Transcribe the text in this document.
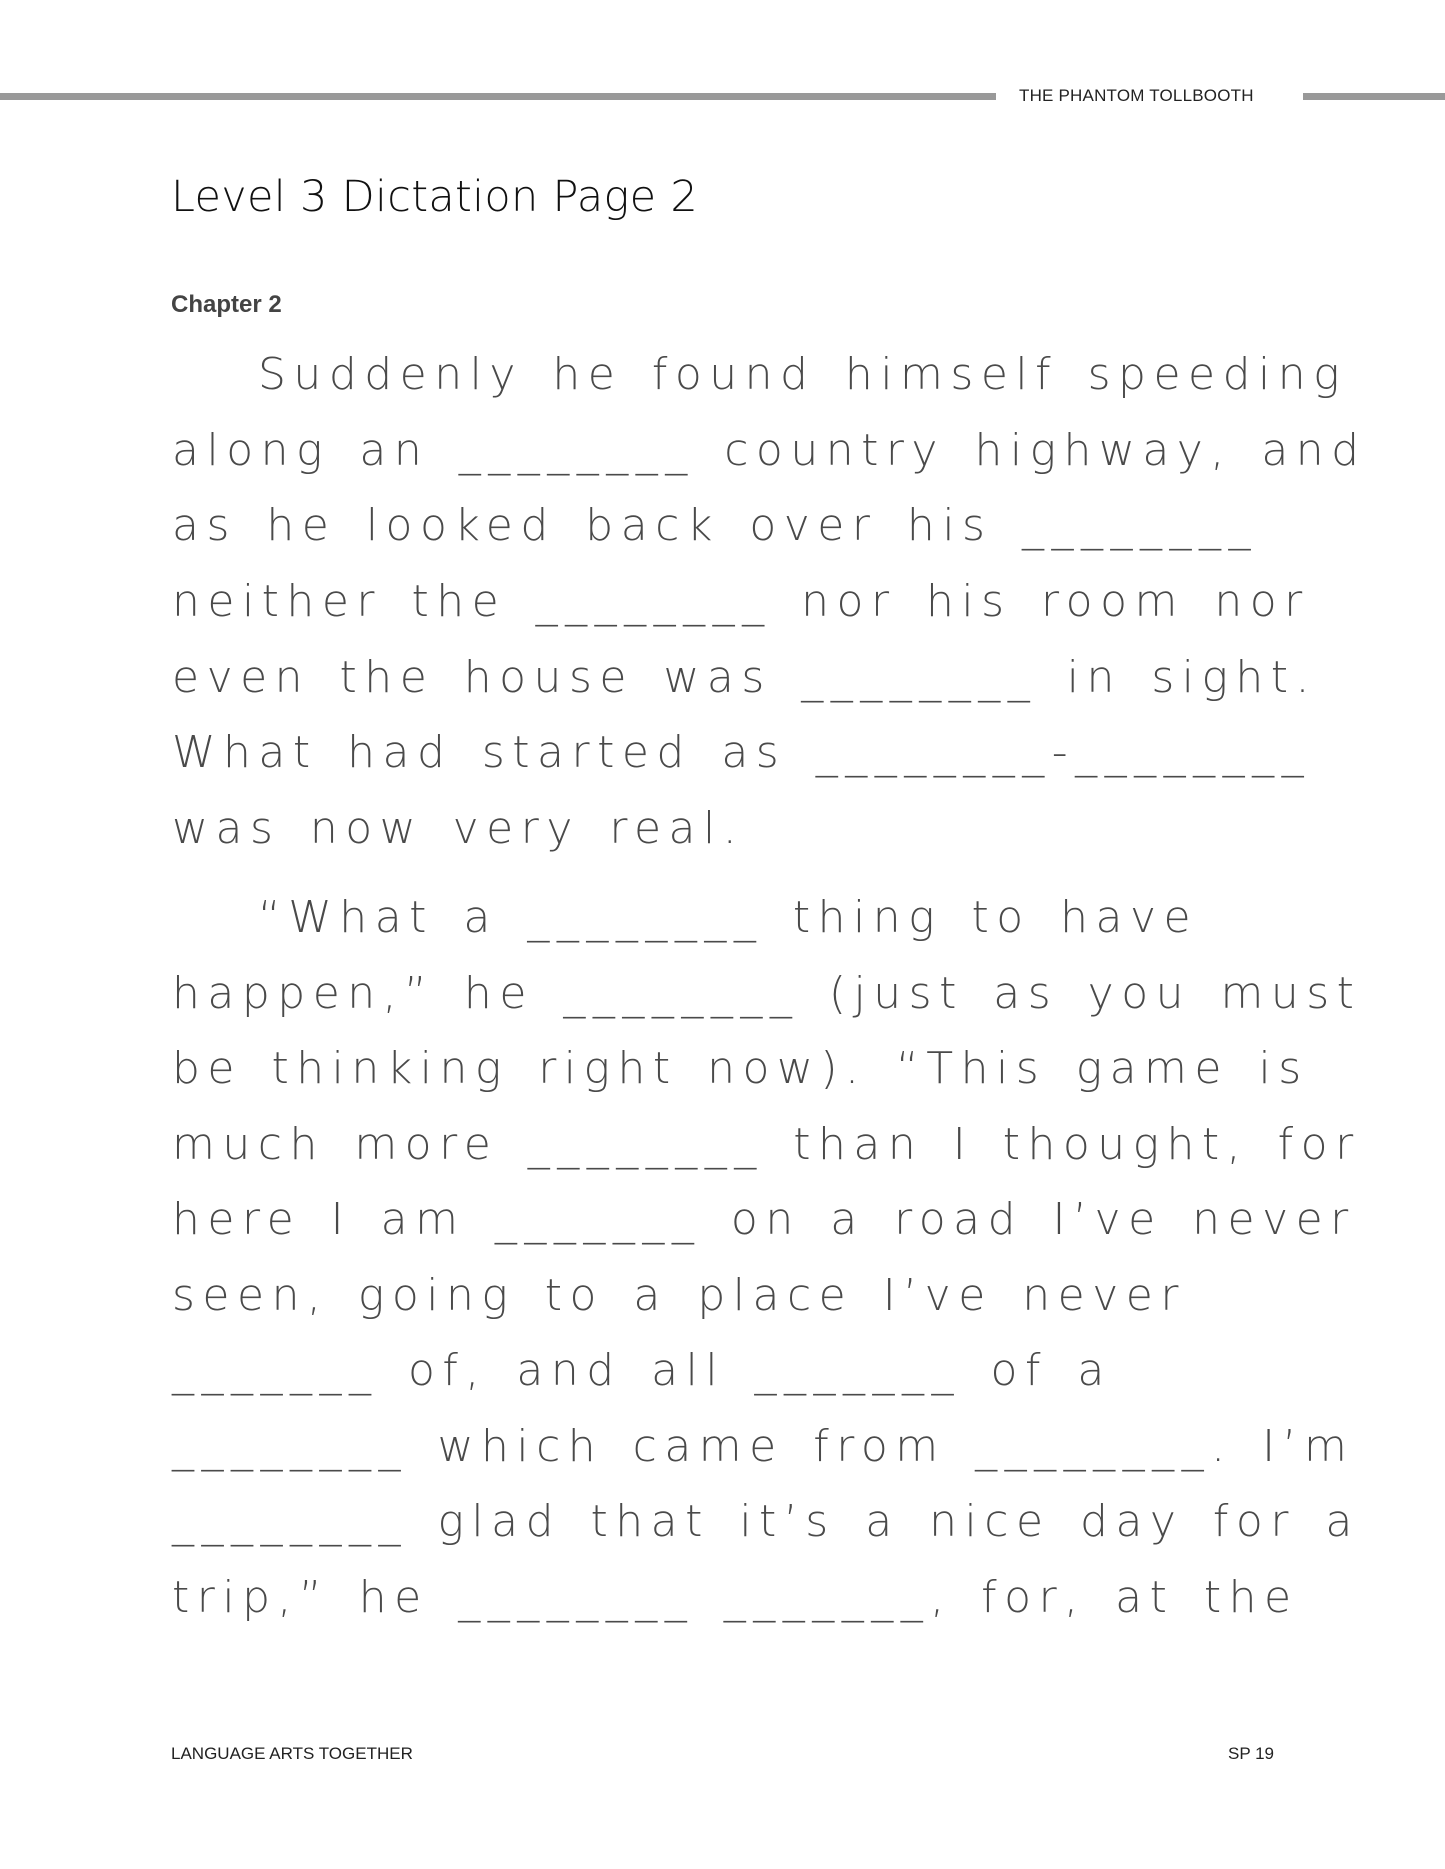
THE PHANTOM TOLLBOOTH
Level 3 Dictation Page 2
Chapter 2
Suddenly he found himself speeding
along an ________ country highway, and
as he looked back over his ________
neither the ________ nor his room nor
even the house was ________ in sight.
What had started as ________-________
was now very real.
“What a ________ thing to have
happen,” he ________ (just as you must
be thinking right now). “This game is
much more ________ than I thought, for
here I am _______ on a road I’ve never
seen, going to a place I’ve never
_______ of, and all _______ of a
________ which came from ________. I’m
________ glad that it’s a nice day for a
trip,” he ________ _______, for, at the
LANGUAGE ARTS TOGETHER	SP 19
